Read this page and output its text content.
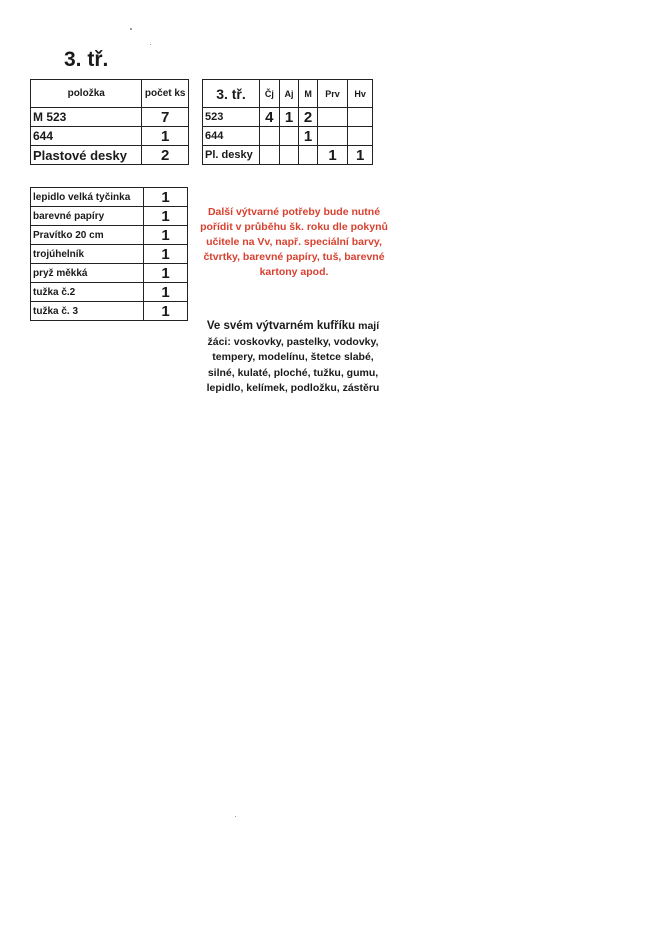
3. tř.
položka	počet ks
M 523	7
644	1
Plastové desky	2
3. tř.	Čj	Aj	M	Prv	Hv
523	4	1	2		
644			1		
Pl. desky				1	1
lepidlo velká tyčinka	1
barevné papíry	1
Pravítko 20 cm	1
trojúhelník	1
pryž měkká	1
tužka č.2	1
tužka č. 3	1
Další výtvarné potřeby bude nutné pořídit v průběhu šk. roku dle pokynů učitele na Vv, např. speciální barvy, čtvrtky, barevné papíry, tuš, barevné kartony apod.
Ve svém výtvarném kufříku mají žáci: voskovky, pastelky, vodovky, tempery, modelínu, štetce slabé, silné, kulaté, ploché, tužku, gumu, lepidlo, kelímek, podložku, zástěru
